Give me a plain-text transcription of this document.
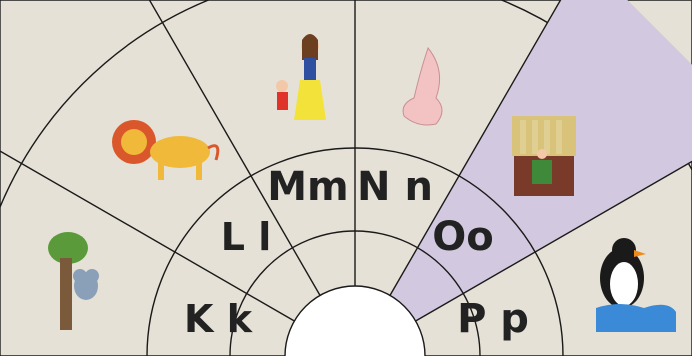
K k
L l
Mm N n
Oo
P p
